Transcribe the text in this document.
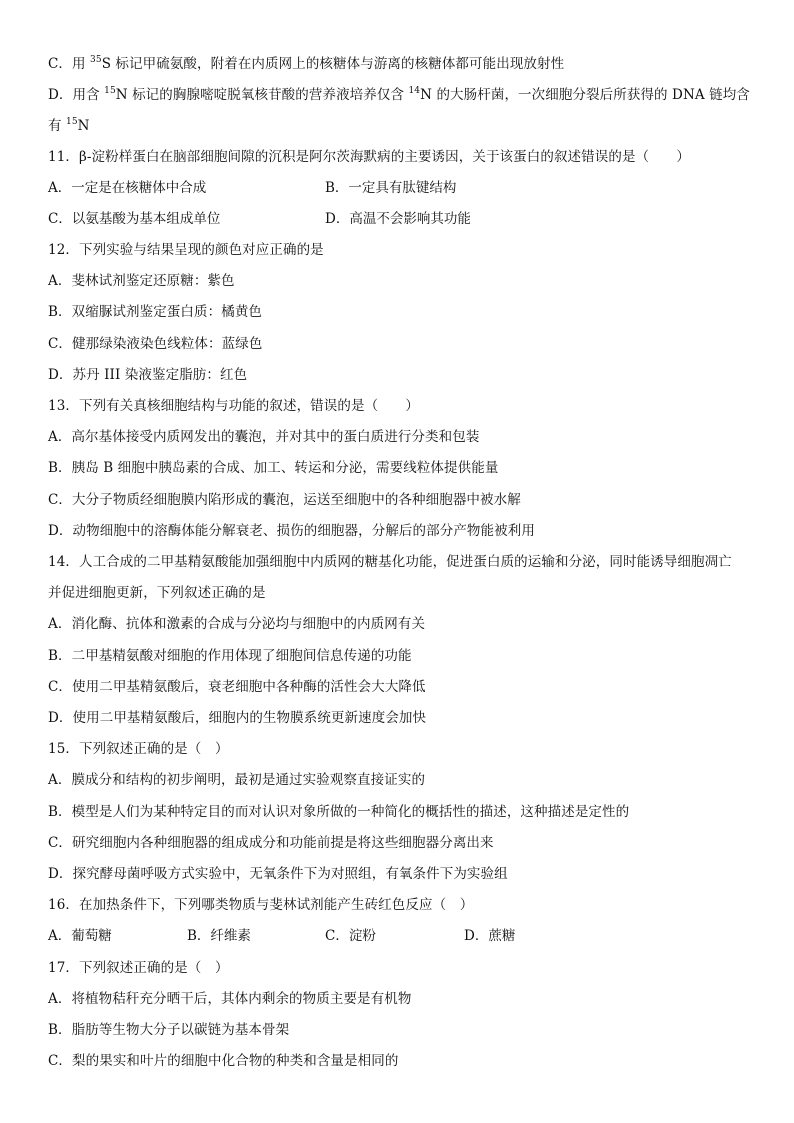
C．用 $^{35}$S 标记甲硫氨酸，附着在内质网上的核糖体与游离的核糖体都可能出现放射性
D．用含 $^{15}$N 标记的胸腺嘧啶脱氧核苷酸的营养液培养仅含 $^{14}$N 的大肠杆菌，一次细胞分裂后所获得的 DNA 链均含
有 $^{15}$N
11．β-淀粉样蛋白在脑部细胞间隙的沉积是阿尔茨海默病的主要诱因，关于该蛋白的叙述错误的是（　　）
A．一定是在核糖体中合成	B．一定具有肽键结构
C．以氨基酸为基本组成单位	D．高温不会影响其功能
12．下列实验与结果呈现的颜色对应正确的是
A．斐林试剂鉴定还原糖：紫色
B．双缩脲试剂鉴定蛋白质：橘黄色
C．健那绿染液染色线粒体：蓝绿色
D．苏丹 III 染液鉴定脂肪：红色
13．下列有关真核细胞结构与功能的叙述，错误的是（　　）
A．高尔基体接受内质网发出的囊泡，并对其中的蛋白质进行分类和包装
B．胰岛 B 细胞中胰岛素的合成、加工、转运和分泌，需要线粒体提供能量
C．大分子物质经细胞膜内陷形成的囊泡，运送至细胞中的各种细胞器中被水解
D．动物细胞中的溶酶体能分解衰老、损伤的细胞器，分解后的部分产物能被利用
14．人工合成的二甲基精氨酸能加强细胞中内质网的糖基化功能，促进蛋白质的运输和分泌，同时能诱导细胞凋亡
并促进细胞更新，下列叙述正确的是
A．消化酶、抗体和激素的合成与分泌均与细胞中的内质网有关
B．二甲基精氨酸对细胞的作用体现了细胞间信息传递的功能
C．使用二甲基精氨酸后，衰老细胞中各种酶的活性会大大降低
D．使用二甲基精氨酸后，细胞内的生物膜系统更新速度会加快
15．下列叙述正确的是（　）
A．膜成分和结构的初步阐明，最初是通过实验观察直接证实的
B．模型是人们为某种特定目的而对认识对象所做的一种简化的概括性的描述，这种描述是定性的
C．研究细胞内各种细胞器的组成成分和功能前提是将这些细胞器分离出来
D．探究酵母菌呼吸方式实验中，无氧条件下为对照组，有氧条件下为实验组
16．在加热条件下，下列哪类物质与斐林试剂能产生砖红色反应（　）
A．葡萄糖	B．纤维素	C．淀粉	D．蔗糖
17．下列叙述正确的是（　）
A．将植物秸秆充分晒干后，其体内剩余的物质主要是有机物
B．脂肪等生物大分子以碳链为基本骨架
C．梨的果实和叶片的细胞中化合物的种类和含量是相同的
